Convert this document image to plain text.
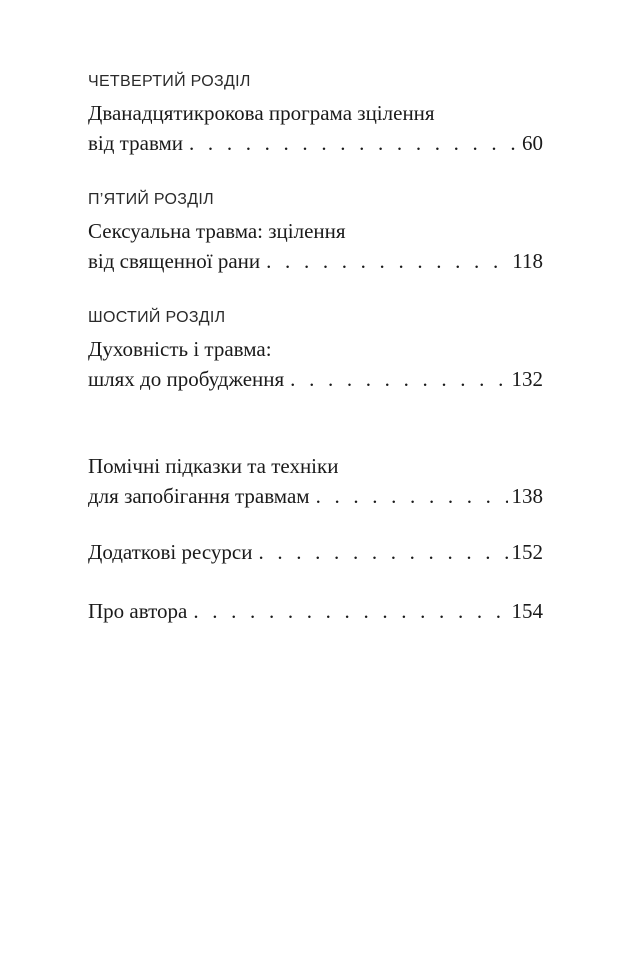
ЧЕТВЕРТИЙ РОЗДІЛ
Дванадцятикрокова програма зцілення
від травми . . .	60
П’ЯТИЙ РОЗДІЛ
Сексуальна травма: зцілення
від священної рани . . .	118
ШОСТИЙ РОЗДІЛ
Духовність і травма:
шлях до пробудження . . .	132
Помічні підказки та техніки
для запобігання травмам . . .	138
Додаткові ресурси . . .	152
Про автора . . .	154
